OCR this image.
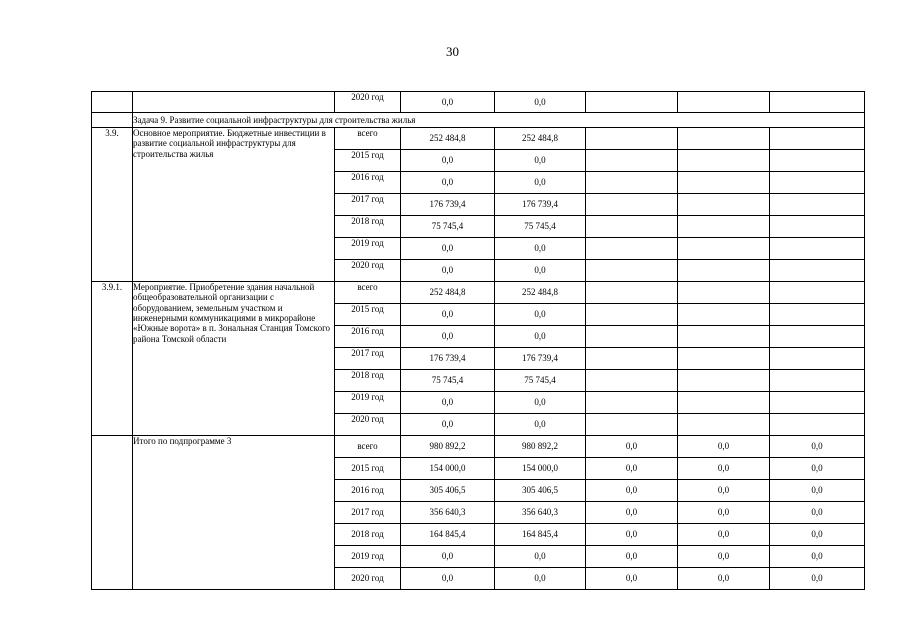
30
		2020 год	0,0	0,0			
	Задача 9. Развитие социальной инфраструктуры для строительства жилья						
3.9.	Основное мероприятие. Бюджетные инвестиции в развитие социальной инфраструктуры для строительства жилья	всего	252 484,8	252 484,8			
		2015 год	0,0	0,0			
		2016 год	0,0	0,0			
		2017 год	176 739,4	176 739,4			
		2018 год	75 745,4	75 745,4			
		2019 год	0,0	0,0			
		2020 год	0,0	0,0			
3.9.1.	Мероприятие. Приобретение здания начальной общеобразовательной организации с оборудованием, земельным участком и инженерными коммуникациями в микрорайоне «Южные ворота» в п. Зональная Станция Томского района Томской области	всего	252 484,8	252 484,8			
		2015 год	0,0	0,0			
		2016 год	0,0	0,0			
		2017 год	176 739,4	176 739,4			
		2018 год	75 745,4	75 745,4			
		2019 год	0,0	0,0			
		2020 год	0,0	0,0			
	Итого по подпрограмме 3	всего	980 892,2	980 892,2	0,0	0,0	0,0
		2015 год	154 000,0	154 000,0	0,0	0,0	0,0
		2016 год	305 406,5	305 406,5	0,0	0,0	0,0
		2017 год	356 640,3	356 640,3	0,0	0,0	0,0
		2018 год	164 845,4	164 845,4	0,0	0,0	0,0
		2019 год	0,0	0,0	0,0	0,0	0,0
		2020 год	0,0	0,0	0,0	0,0	0,0
